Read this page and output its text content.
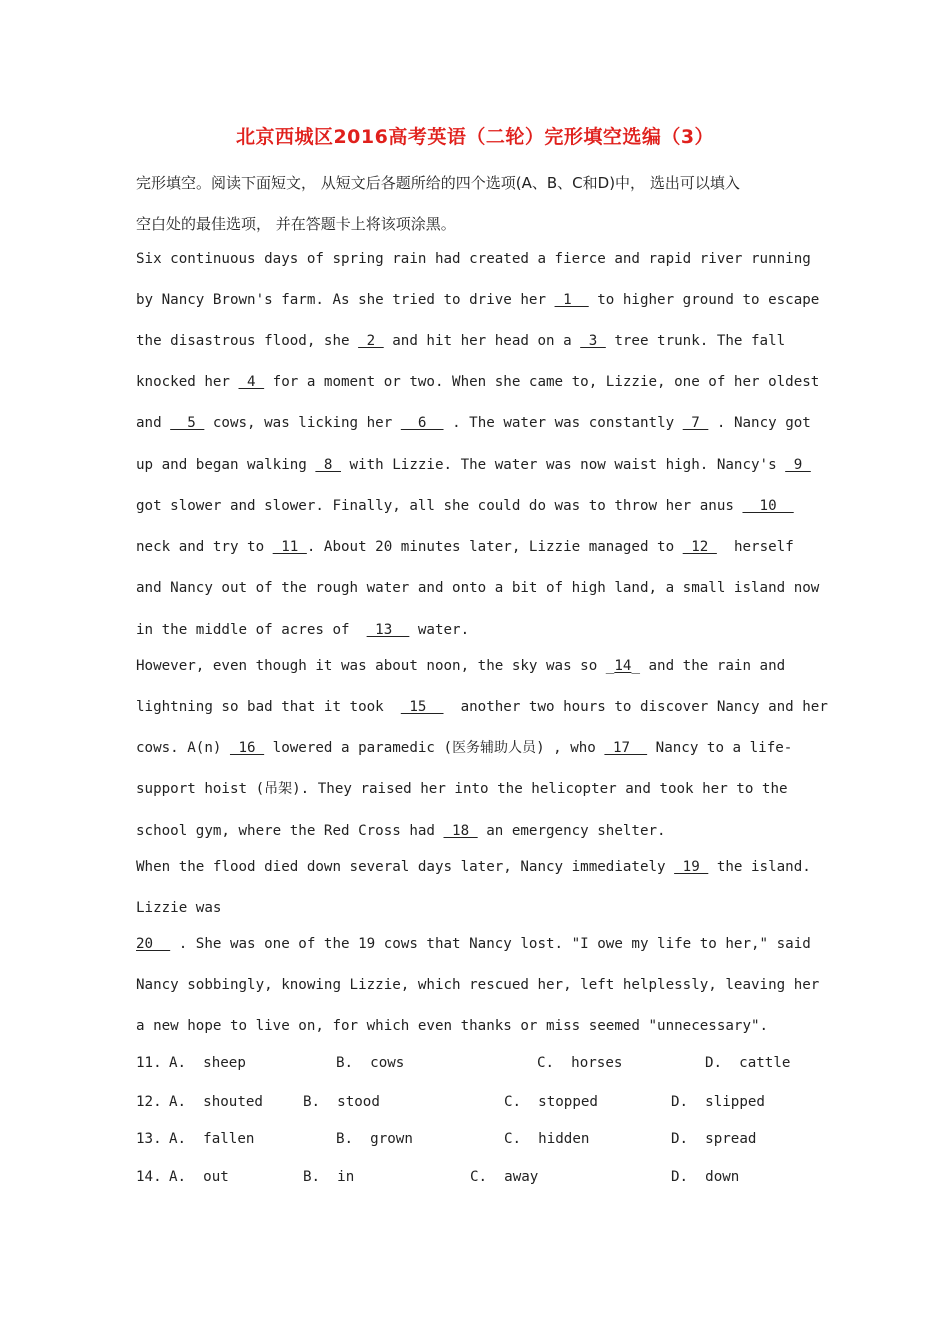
北京西城区2016高考英语（二轮）完形填空选编（3）
完形填空。阅读下面短文， 从短文后各题所给的四个选项(A、B、C和D)中， 选出可以填入
空白处的最佳选项， 并在答题卡上将该项涂黑。
Six continuous days of spring rain had created a fierce and rapid river running
by Nancy Brown's farm. As she tried to drive her  1   to higher ground to escape
the disastrous flood, she  2  and hit her head on a  3  tree trunk. The fall
knocked her  4  for a moment or two. When she came to, Lizzie, one of her oldest
and   5  cows, was licking her   6   . The water was constantly  7  . Nancy got
up and began walking  8  with Lizzie. The water was now waist high. Nancy's  9
got slower and slower. Finally, all she could do was to throw her anus   10
neck and try to  11 . About 20 minutes later, Lizzie managed to  12   herself
and Nancy out of the rough water and onto a bit of high land, a small island now
in the middle of acres of   13   water.
However, even though it was about noon, the sky was so _14_ and the rain and
lightning so bad that it took   15    another two hours to discover Nancy and her
cows. A(n)  16  lowered a paramedic (医务辅助人员) , who  17   Nancy to a life-
support hoist (吊架). They raised her into the helicopter and took her to the
school gym, where the Red Cross had  18  an emergency shelter.
When the flood died down several days later, Nancy immediately  19  the island.
Lizzie was
20   . She was one of the 19 cows that Nancy lost. "I owe my life to her," said
Nancy sobbingly, knowing Lizzie, which rescued her, left helplessly, leaving her
a new hope to live on, for which even thanks or miss seemed "unnecessary".
11. A.  sheep	B.  cows	C.  horses	D.  cattle
12. A.  shouted	B.  stood	C.  stopped	D.  slipped
13. A.  fallen	B.  grown	C.  hidden	D.  spread
14. A.  out	B.  in	C.  away	D.  down
